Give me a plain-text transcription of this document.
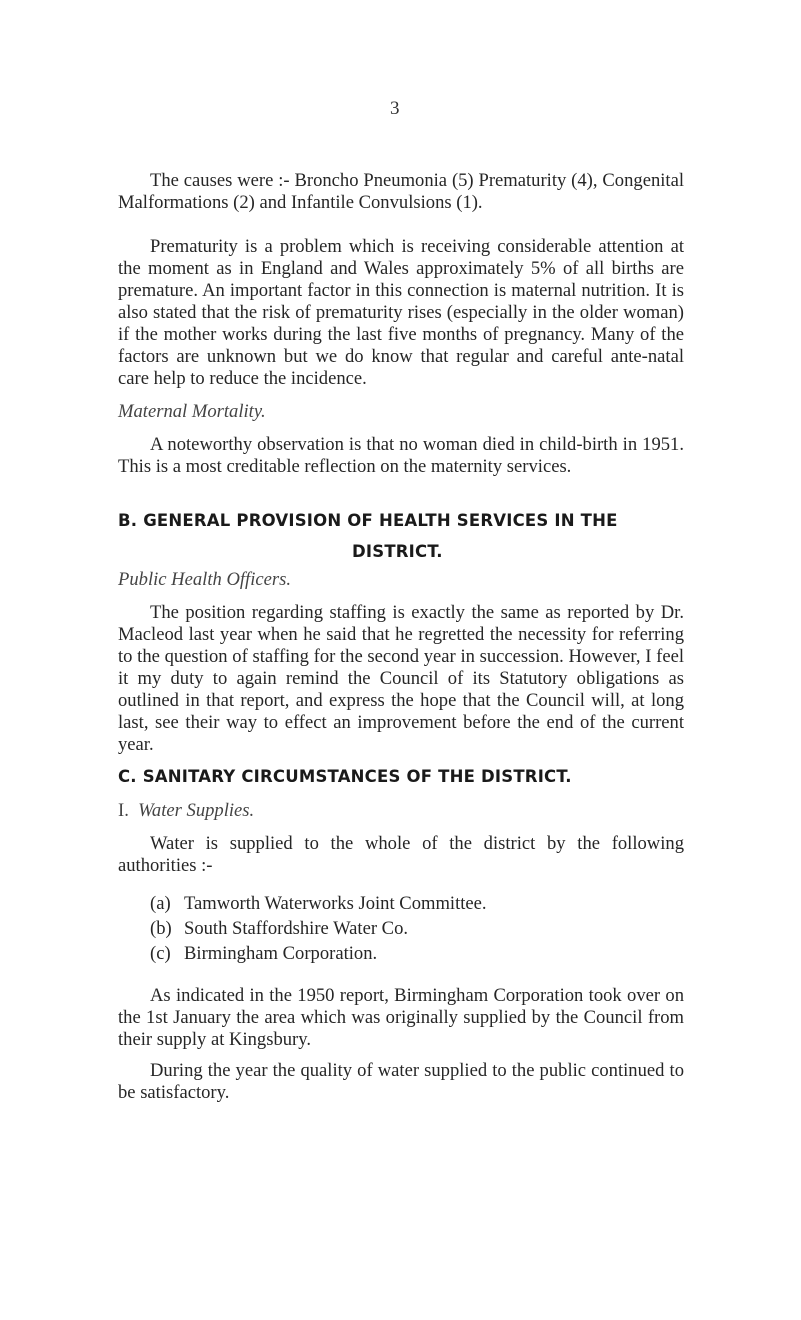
3

The causes were :- Broncho Pneumonia (5) Prematurity (4), Congenital Malformations (2) and Infantile Convulsions (1).

Prematurity is a problem which is receiving considerable attention at the moment as in England and Wales approximately 5% of all births are premature. An important factor in this connection is maternal nutrition. It is also stated that the risk of prematurity rises (especially in the older woman) if the mother works during the last five months of pregnancy. Many of the factors are unknown but we do know that regular and careful ante-natal care help to reduce the incidence.

Maternal Mortality.

A noteworthy observation is that no woman died in child-birth in 1951. This is a most creditable reflection on the maternity services.

B. GENERAL PROVISION OF HEALTH SERVICES IN THE
DISTRICT.
Public Health Officers.

The position regarding staffing is exactly the same as reported by Dr. Macleod last year when he said that he regretted the necessity for referring to the question of staffing for the second year in succession. However, I feel it my duty to again remind the Council of its Statutory obligations as outlined in that report, and express the hope that the Council will, at long last, see their way to effect an improvement before the end of the current year.

C. SANITARY CIRCUMSTANCES OF THE DISTRICT.
I. Water Supplies.

Water is supplied to the whole of the district by the following authorities :-

(a) Tamworth Waterworks Joint Committee.
(b) South Staffordshire Water Co.
(c) Birmingham Corporation.

As indicated in the 1950 report, Birmingham Corporation took over on the 1st January the area which was originally supplied by the Council from their supply at Kingsbury.

During the year the quality of water supplied to the public continued to be satisfactory.
